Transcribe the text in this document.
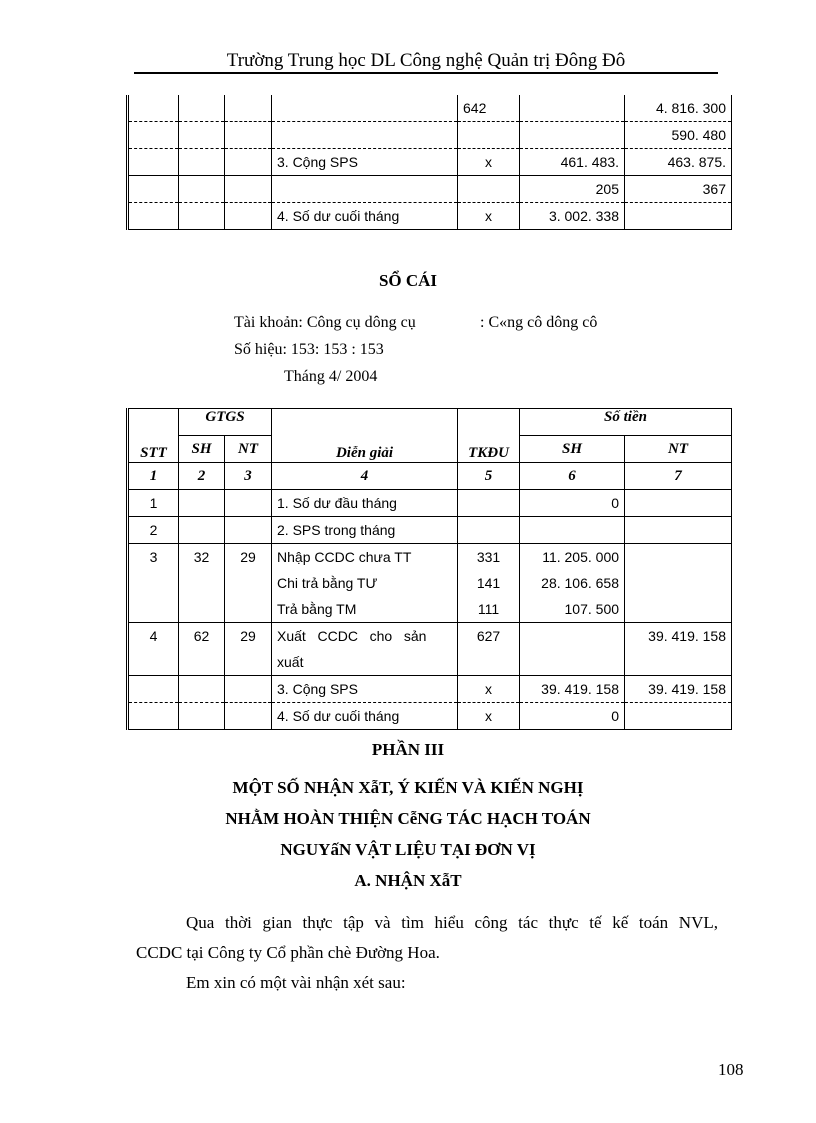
Trường Trung học DL Công nghệ Quản trị Đông Đô
				642		4. 816. 300
						590. 480
			3. Cộng SPS	x	461. 483.	463. 875.
					205	367
			4. Số dư cuối tháng	x	3. 002. 338	
SỔ CÁI
Tài khoản: Công cụ dông cụ	: C«ng cô dông cô
Số hiệu: 153: 153 : 153
Tháng 4/ 2004
STT	GTGS		Diễn giải	TKĐU	Số tiền	
	SH	NT			SH	NT
1	2	3	4	5	6	7
1			1. Số dư đầu tháng		0	
2			2. SPS trong tháng			
3	32	29	Nhập CCDC chưa TT	331	11. 205. 000	
			Chi trả bằng TƯ	141	28. 106. 658	
			Trả bằng TM	111	107. 500	
4	62	29	Xuất   CCDC   cho   sản	627		39. 419. 158
			xuất			
			3. Cộng SPS	x	39. 419. 158	39. 419. 158
			4. Số dư cuối tháng	x	0	
PHẦN III
MỘT SỐ NHẬN XẫT, Ý KIẾN VÀ KIẾN NGHỊ
NHẰM HOÀN THIỆN CễNG TÁC HẠCH TOÁN
NGUYấN VẬT LIỆU TẠI ĐƠN VỊ
A. NHẬN XẫT
Qua thời gian thực tập và tìm hiểu công tác thực tế kế toán NVL,
CCDC tại Công ty Cổ phần chè Đường Hoa.
Em xin có một vài nhận xét sau:
108
